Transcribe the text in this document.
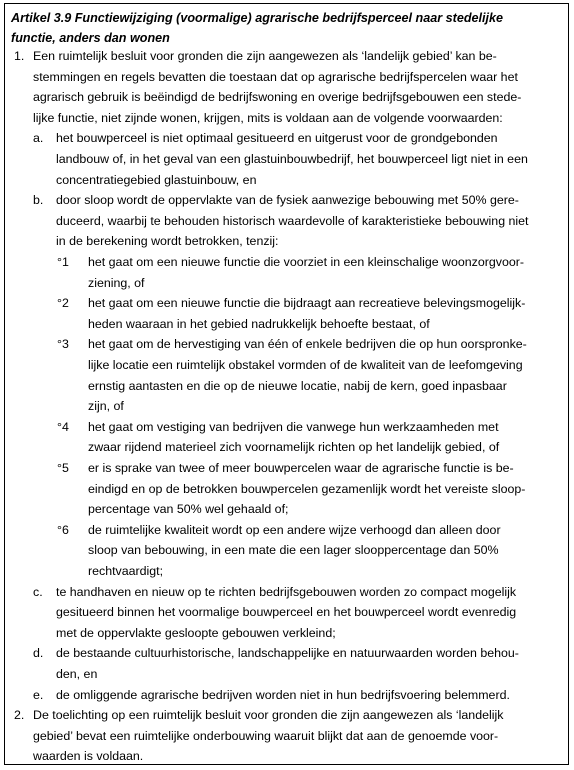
Artikel 3.9 Functiewijziging (voormalige) agrarische bedrijfsperceel naar stedelijke
functie, anders dan wonen
1. Een ruimtelijk besluit voor gronden die zijn aangewezen als ‘landelijk gebied’ kan be-
stemmingen en regels bevatten die toestaan dat op agrarische bedrijfspercelen waar het
agrarisch gebruik is beëindigd de bedrijfswoning en overige bedrijfsgebouwen een stede-
lijke functie, niet zijnde wonen, krijgen, mits is voldaan aan de volgende voorwaarden:
a. het bouwperceel is niet optimaal gesitueerd en uitgerust voor de grondgebonden
landbouw of, in het geval van een glastuinbouwbedrijf, het bouwperceel ligt niet in een
concentratiegebied glastuinbouw, en
b. door sloop wordt de oppervlakte van de fysiek aanwezige bebouwing met 50% gere-
duceerd, waarbij te behouden historisch waardevolle of karakteristieke bebouwing niet
in de berekening wordt betrokken, tenzij:
°1 het gaat om een nieuwe functie die voorziet in een kleinschalige woonzorgvoor-
ziening, of
°2 het gaat om een nieuwe functie die bijdraagt aan recreatieve belevingsmogelijk-
heden waaraan in het gebied nadrukkelijk behoefte bestaat, of
°3 het gaat om de hervestiging van één of enkele bedrijven die op hun oorspronke-
lijke locatie een ruimtelijk obstakel vormden of de kwaliteit van de leefomgeving
ernstig aantasten en die op de nieuwe locatie, nabij de kern, goed inpasbaar
zijn, of
°4 het gaat om vestiging van bedrijven die vanwege hun werkzaamheden met
zwaar rijdend materieel zich voornamelijk richten op het landelijk gebied, of
°5 er is sprake van twee of meer bouwpercelen waar de agrarische functie is be-
eindigd en op de betrokken bouwpercelen gezamenlijk wordt het vereiste sloop-
percentage van 50% wel gehaald of;
°6 de ruimtelijke kwaliteit wordt op een andere wijze verhoogd dan alleen door
sloop van bebouwing, in een mate die een lager slooppercentage dan 50%
rechtvaardigt;
c. te handhaven en nieuw op te richten bedrijfsgebouwen worden zo compact mogelijk
gesitueerd binnen het voormalige bouwperceel en het bouwperceel wordt evenredig
met de oppervlakte gesloopte gebouwen verkleind;
d. de bestaande cultuurhistorische, landschappelijke en natuurwaarden worden behou-
den, en
e. de omliggende agrarische bedrijven worden niet in hun bedrijfsvoering belemmerd.
2. De toelichting op een ruimtelijk besluit voor gronden die zijn aangewezen als ‘landelijk
gebied’ bevat een ruimtelijke onderbouwing waaruit blijkt dat aan de genoemde voor-
waarden is voldaan.
